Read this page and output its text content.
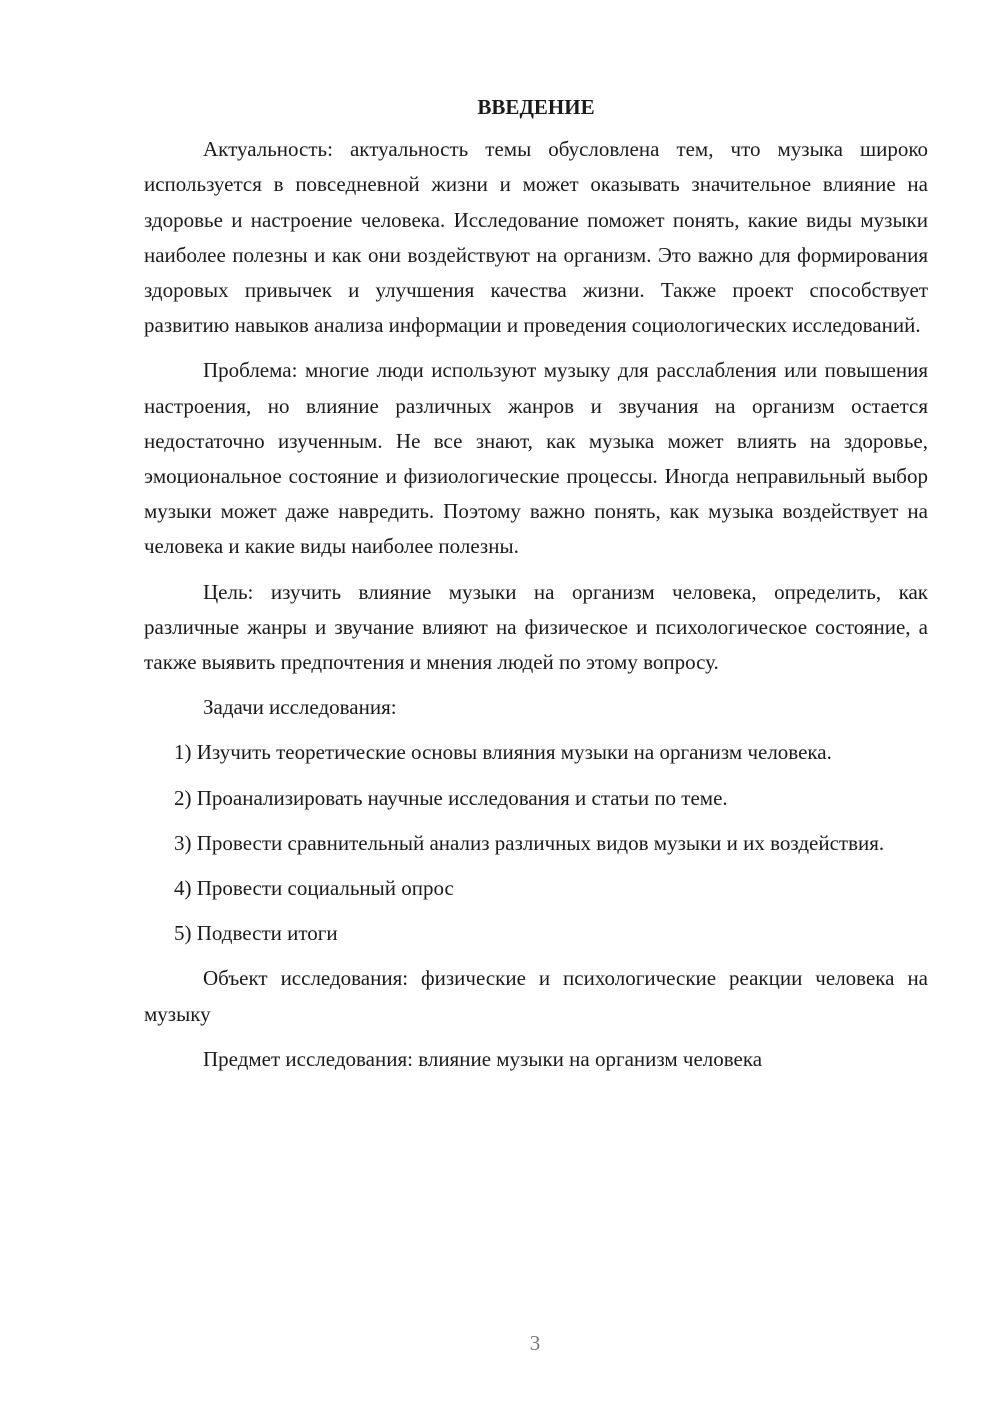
ВВЕДЕНИЕ

Актуальность: актуальность темы обусловлена тем, что музыка широко используется в повседневной жизни и может оказывать значительное влияние на здоровье и настроение человека. Исследование поможет понять, какие виды музыки наиболее полезны и как они воздействуют на организм. Это важно для формирования здоровых привычек и улучшения качества жизни. Также проект способствует развитию навыков анализа информации и проведения социологических исследований.

Проблема: многие люди используют музыку для расслабления или повышения настроения, но влияние различных жанров и звучания на организм остается недостаточно изученным. Не все знают, как музыка может влиять на здоровье, эмоциональное состояние и физиологические процессы. Иногда неправильный выбор музыки может даже навредить. Поэтому важно понять, как музыка воздействует на человека и какие виды наиболее полезны.

Цель: изучить влияние музыки на организм человека, определить, как различные жанры и звучание влияют на физическое и психологическое состояние, а также выявить предпочтения и мнения людей по этому вопросу.

Задачи исследования:

1) Изучить теоретические основы влияния музыки на организм человека.

2) Проанализировать научные исследования и статьи по теме.

3) Провести сравнительный анализ различных видов музыки и их воздействия.

4) Провести социальный опрос

5) Подвести итоги

Объект исследования: физические и психологические реакции человека на музыку

Предмет исследования: влияние музыки на организм человека

3
